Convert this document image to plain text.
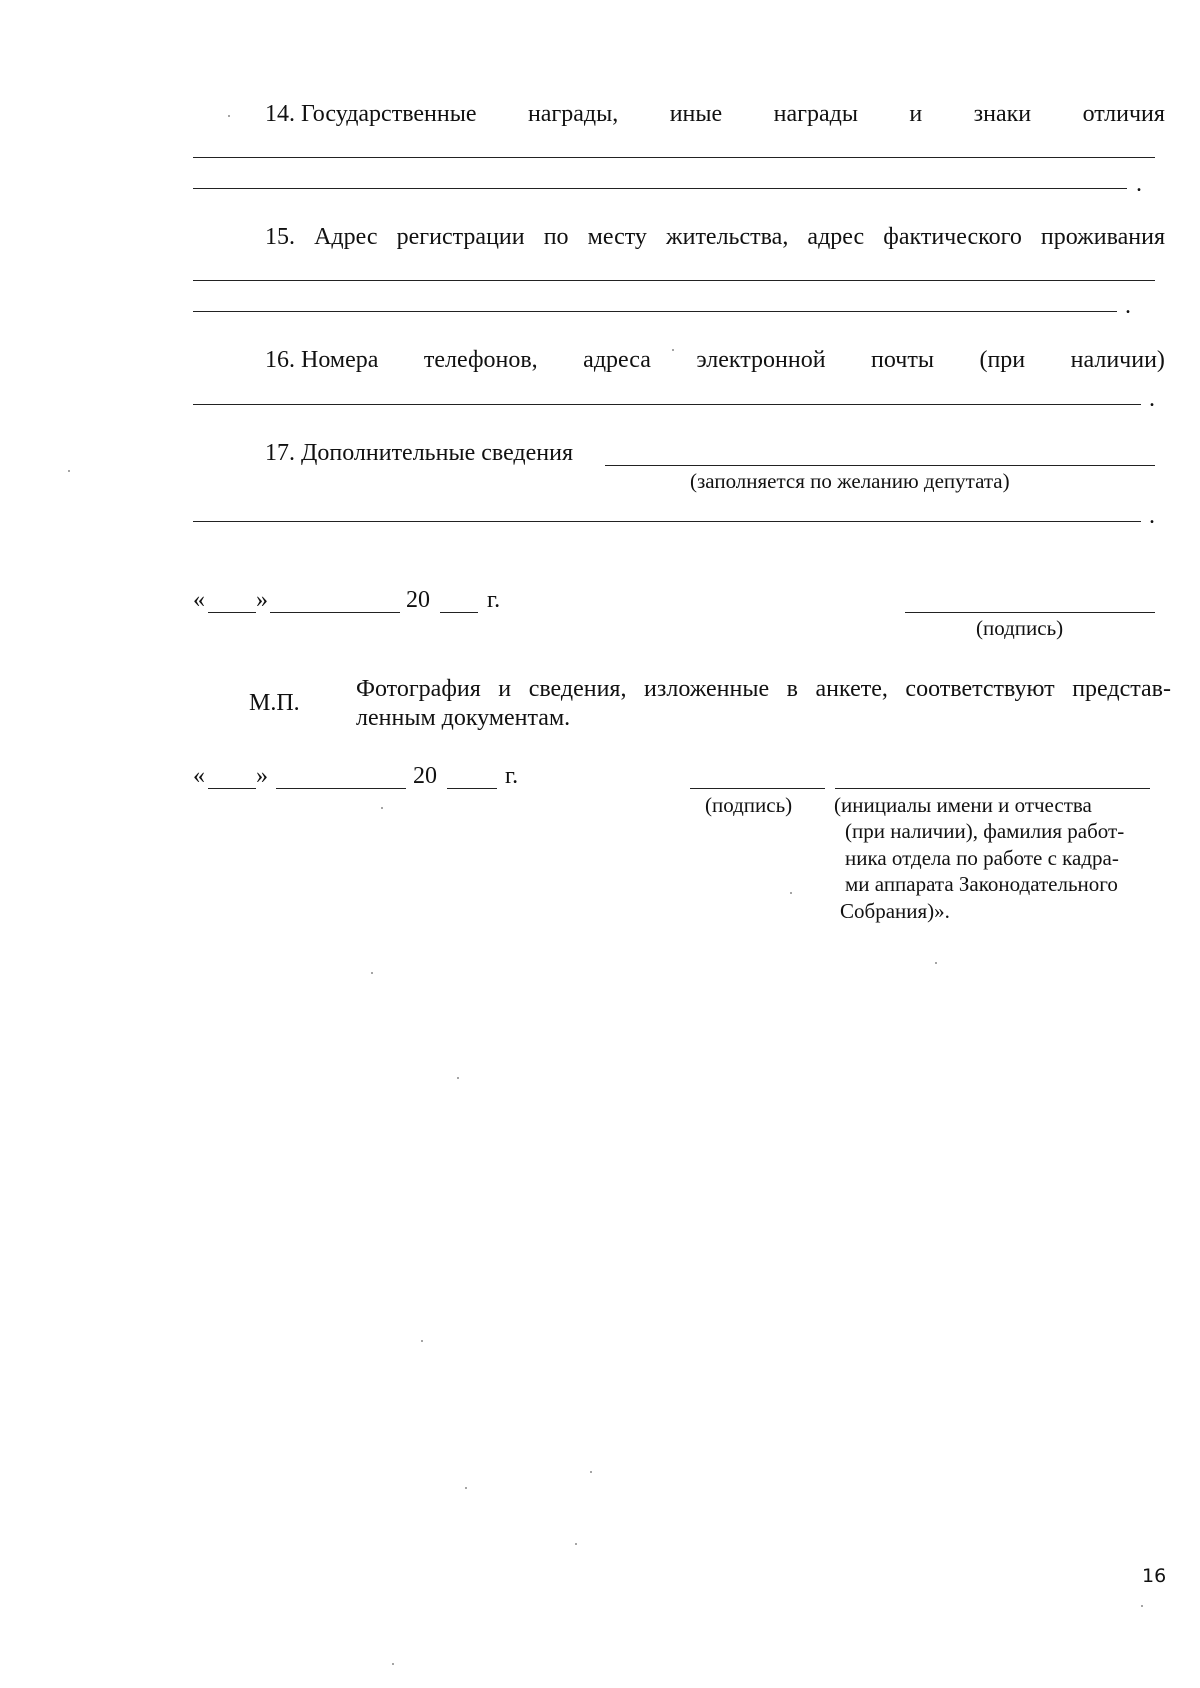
14. Государственные награды, иные награды и знаки отличия
.
15. Адрес регистрации по месту жительства, адрес фактического проживания
.
16. Номера телефонов, адреса электронной почты (при наличии)
.
17. Дополнительные сведения
(заполняется по желанию депутата)
.
« »	20 г.
(подпись)
М.П.
Фотография и сведения, изложенные в анкете, соответствуют представ-
ленным документам.
« »	20	г.
(подпись) (инициалы имени и отчества
(при наличии), фамилия работ-
ника отдела по работе с кадра-
ми аппарата Законодательного
Собрания)».
16
